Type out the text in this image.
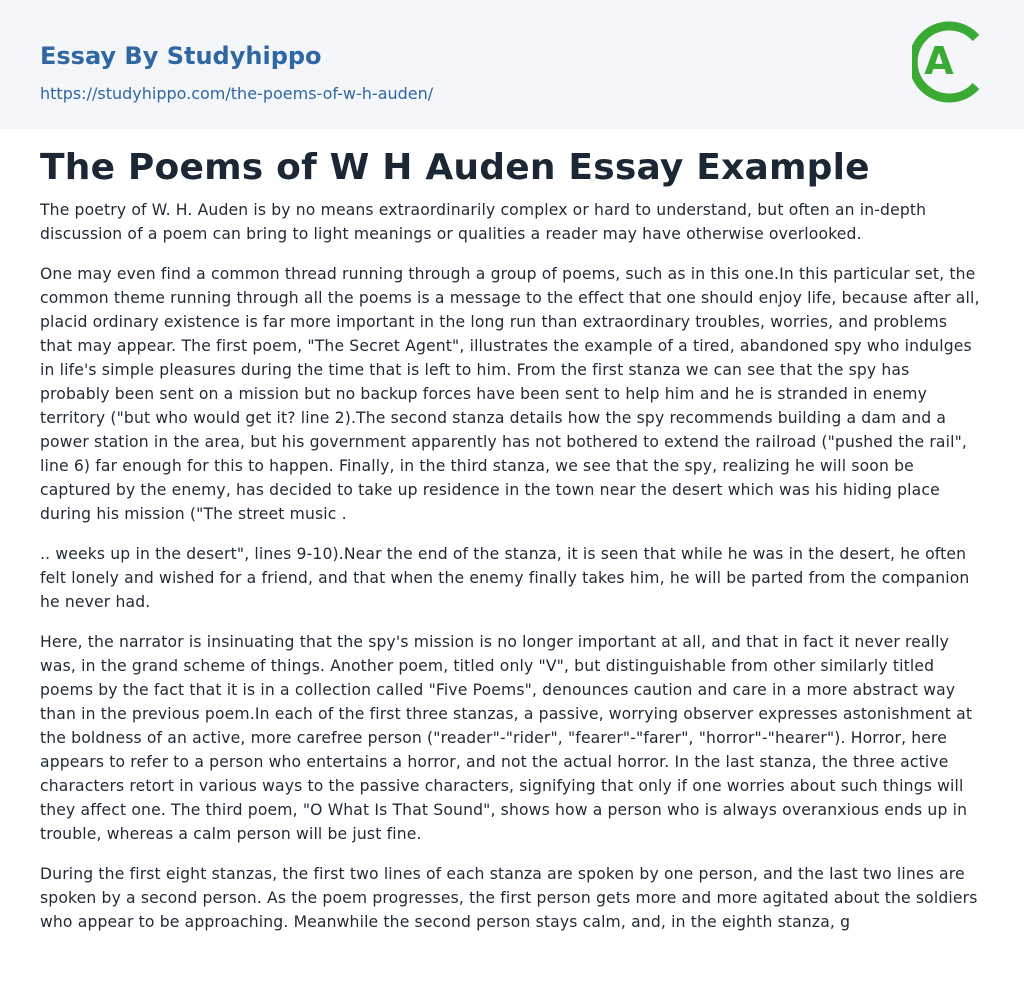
Essay By Studyhippo
https://studyhippo.com/the-poems-of-w-h-auden/
A
The Poems of W H Auden Essay Example

The poetry of W. H. Auden is by no means extraordinarily complex or hard to understand, but often an in-depth discussion of a poem can bring to light meanings or qualities a reader may have otherwise overlooked.

One may even find a common thread running through a group of poems, such as in this one.In this particular set, the common theme running through all the poems is a message to the effect that one should enjoy life, because after all, placid ordinary existence is far more important in the long run than extraordinary troubles, worries, and problems that may appear. The first poem, "The Secret Agent", illustrates the example of a tired, abandoned spy who indulges in life's simple pleasures during the time that is left to him. From the first stanza we can see that the spy has probably been sent on a mission but no backup forces have been sent to help him and he is stranded in enemy territory ("but who would get it? line 2).The second stanza details how the spy recommends building a dam and a power station in the area, but his government apparently has not bothered to extend the railroad ("pushed the rail", line 6) far enough for this to happen. Finally, in the third stanza, we see that the spy, realizing he will soon be captured by the enemy, has decided to take up residence in the town near the desert which was his hiding place during his mission ("The street music .

.. weeks up in the desert", lines 9-10).Near the end of the stanza, it is seen that while he was in the desert, he often felt lonely and wished for a friend, and that when the enemy finally takes him, he will be parted from the companion he never had.

Here, the narrator is insinuating that the spy's mission is no longer important at all, and that in fact it never really was, in the grand scheme of things. Another poem, titled only "V", but distinguishable from other similarly titled poems by the fact that it is in a collection called "Five Poems", denounces caution and care in a more abstract way than in the previous poem.In each of the first three stanzas, a passive, worrying observer expresses astonishment at the boldness of an active, more carefree person ("reader"-"rider", "fearer"-"farer", "horror"-"hearer"). Horror, here appears to refer to a person who entertains a horror, and not the actual horror. In the last stanza, the three active characters retort in various ways to the passive characters, signifying that only if one worries about such things will they affect one. The third poem, "O What Is That Sound", shows how a person who is always overanxious ends up in trouble, whereas a calm person will be just fine.

During the first eight stanzas, the first two lines of each stanza are spoken by one person, and the last two lines are spoken by a second person. As the poem progresses, the first person gets more and more agitated about the soldiers who appear to be approaching. Meanwhile the second person stays calm, and, in the eighth stanza, g
